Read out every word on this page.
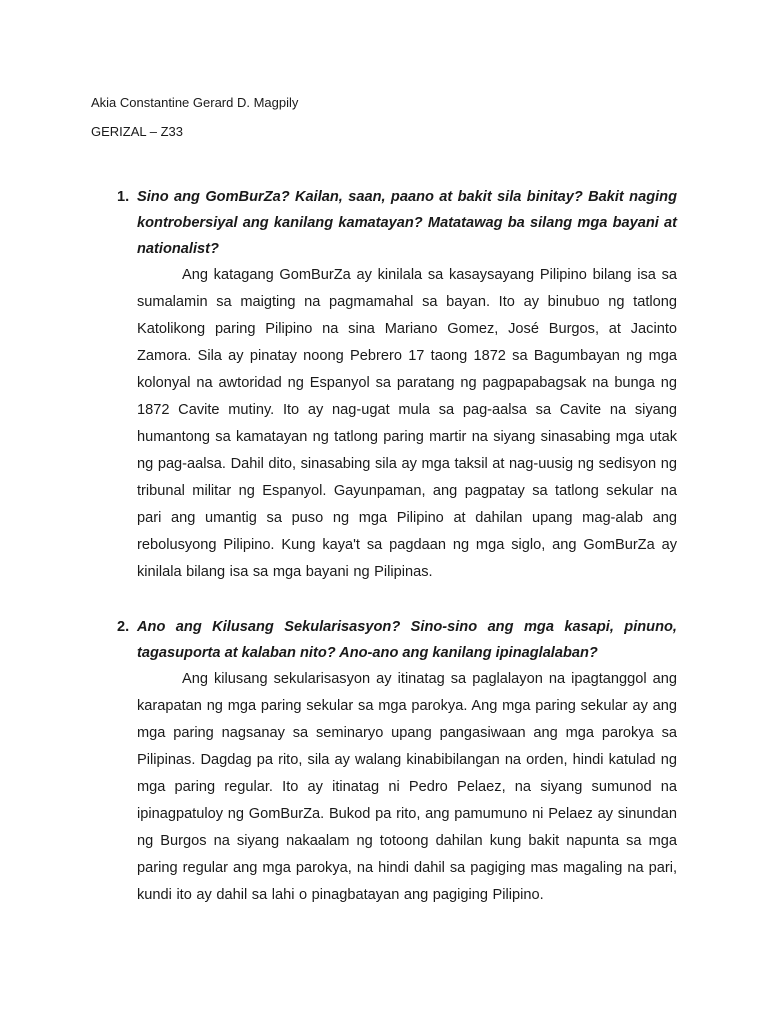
Akia Constantine Gerard D. Magpily

GERIZAL – Z33

1. Sino ang GomBurZa? Kailan, saan, paano at bakit sila binitay? Bakit naging kontrobersiyal ang kanilang kamatayan? Matatawag ba silang mga bayani at nationalist?

Ang katagang GomBurZa ay kinilala sa kasaysayang Pilipino bilang isa sa sumalamin sa maigting na pagmamahal sa bayan. Ito ay binubuo ng tatlong Katolikong paring Pilipino na sina Mariano Gomez, José Burgos, at Jacinto Zamora. Sila ay pinatay noong Pebrero 17 taong 1872 sa Bagumbayan ng mga kolonyal na awtoridad ng Espanyol sa paratang ng pagpapabagsak na bunga ng 1872 Cavite mutiny. Ito ay nag-ugat mula sa pag-aalsa sa Cavite na siyang humantong sa kamatayan ng tatlong paring martir na siyang sinasabing mga utak ng pag-aalsa. Dahil dito, sinasabing sila ay mga taksil at nag-uusig ng sedisyon ng tribunal militar ng Espanyol. Gayunpaman, ang pagpatay sa tatlong sekular na pari ang umantig sa puso ng mga Pilipino at dahilan upang mag-alab ang rebolusyong Pilipino. Kung kaya't sa pagdaan ng mga siglo, ang GomBurZa ay kinilala bilang isa sa mga bayani ng Pilipinas.

2. Ano ang Kilusang Sekularisasyon? Sino-sino ang mga kasapi, pinuno, tagasuporta at kalaban nito? Ano-ano ang kanilang ipinaglalaban?

Ang kilusang sekularisasyon ay itinatag sa paglalayon na ipagtanggol ang karapatan ng mga paring sekular sa mga parokya. Ang mga paring sekular ay ang mga paring nagsanay sa seminaryo upang pangasiwaan ang mga parokya sa Pilipinas. Dagdag pa rito, sila ay walang kinabibilangan na orden, hindi katulad ng mga paring regular. Ito ay itinatag ni Pedro Pelaez, na siyang sumunod na ipinagpatuloy ng GomBurZa. Bukod pa rito, ang pamumuno ni Pelaez ay sinundan ng Burgos na siyang nakaalam ng totoong dahilan kung bakit napunta sa mga paring regular ang mga parokya, na hindi dahil sa pagiging mas magaling na pari, kundi ito ay dahil sa lahi o pinagbatayan ang pagiging Pilipino.
